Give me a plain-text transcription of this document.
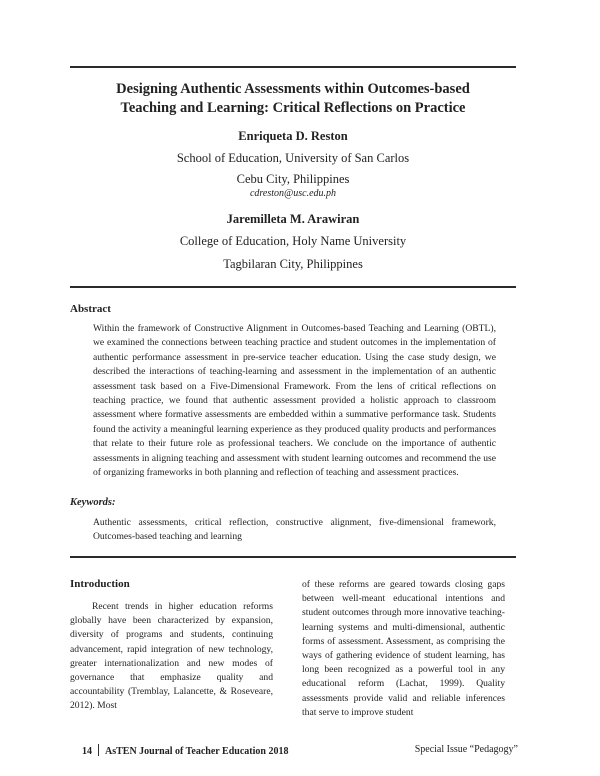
Designing Authentic Assessments within Outcomes-based
Teaching and Learning: Critical Reflections on Practice

Enriqueta D. Reston

School of Education, University of San Carlos

Cebu City, Philippines

cdreston@usc.edu.ph

Jaremilleta M. Arawiran

College of Education, Holy Name University

Tagbilaran City, Philippines

Abstract

Within the framework of Constructive Alignment in Outcomes-based Teaching and Learning (OBTL), we examined the connections between teaching practice and student outcomes in the implementation of authentic performance assessment in pre-service teacher education. Using the case study design, we described the interactions of teaching-learning and assessment in the implementation of an authentic assessment task based on a Five-Dimensional Framework. From the lens of critical reflections on teaching practice, we found that authentic assessment provided a holistic approach to classroom assessment where formative assessments are embedded within a summative performance task. Students found the activity a meaningful learning experience as they produced quality products and performances that relate to their future role as professional teachers. We conclude on the importance of authentic assessments in aligning teaching and assessment with student learning outcomes and recommend the use of organizing frameworks in both planning and reflection of teaching and assessment practices.

Keywords:

Authentic assessments, critical reflection, constructive alignment, five-dimensional framework, Outcomes-based teaching and learning

Introduction

Recent trends in higher education reforms globally have been characterized by expansion, diversity of programs and students, continuing advancement, rapid integration of new technology, greater internationalization and new modes of governance that emphasize quality and accountability (Tremblay, Lalancette, & Roseveare, 2012). Most

of these reforms are geared towards closing gaps between well-meant educational intentions and student outcomes through more innovative teaching-learning systems and multi-dimensional, authentic forms of assessment. Assessment, as comprising the ways of gathering evidence of student learning, has long been recognized as a powerful tool in any educational reform (Lachat, 1999). Quality assessments provide valid and reliable inferences that serve to improve student

14 AsTEN Journal of Teacher Education 2018	Special Issue “Pedagogy”
